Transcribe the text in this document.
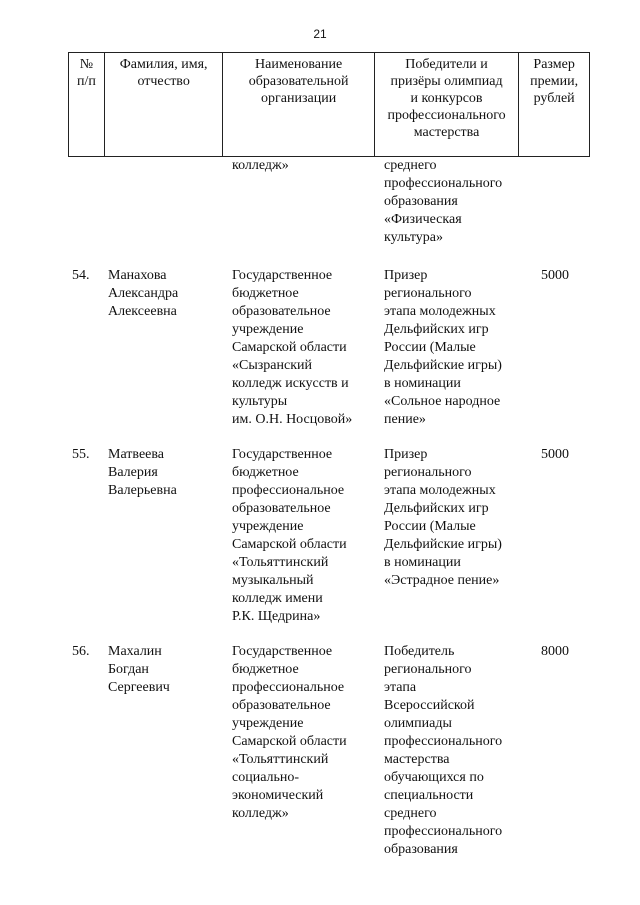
21
№
п/п
Фамилия, имя,
отчество
Наименование
образовательной
организации
Победители и
призёры олимпиад
и конкурсов
профессионального
мастерства
Размер
премии,
рублей
колледж»	среднего
профессионального
образования
«Физическая
культура»
54. Манахова
Александра
Алексеевна
Государственное
бюджетное
образовательное
учреждение
Самарской области
«Сызранский
колледж искусств и
культуры
им. О.Н. Носцовой»
Призер
регионального
этапа молодежных
Дельфийских игр
России (Малые
Дельфийские игры)
в номинации
«Сольное народное
пение»
5000
55. Матвеева
Валерия
Валерьевна
Государственное
бюджетное
профессиональное
образовательное
учреждение
Самарской области
«Тольяттинский
музыкальный
колледж имени
Р.К. Щедрина»
Призер
регионального
этапа молодежных
Дельфийских игр
России (Малые
Дельфийские игры)
в номинации
«Эстрадное пение»
5000
56. Махалин
Богдан
Сергеевич
Государственное
бюджетное
профессиональное
образовательное
учреждение
Самарской области
«Тольяттинский
социально-
экономический
колледж»
Победитель
регионального
этапа
Всероссийской
олимпиады
профессионального
мастерства
обучающихся по
специальности
среднего
профессионального
образования
8000
